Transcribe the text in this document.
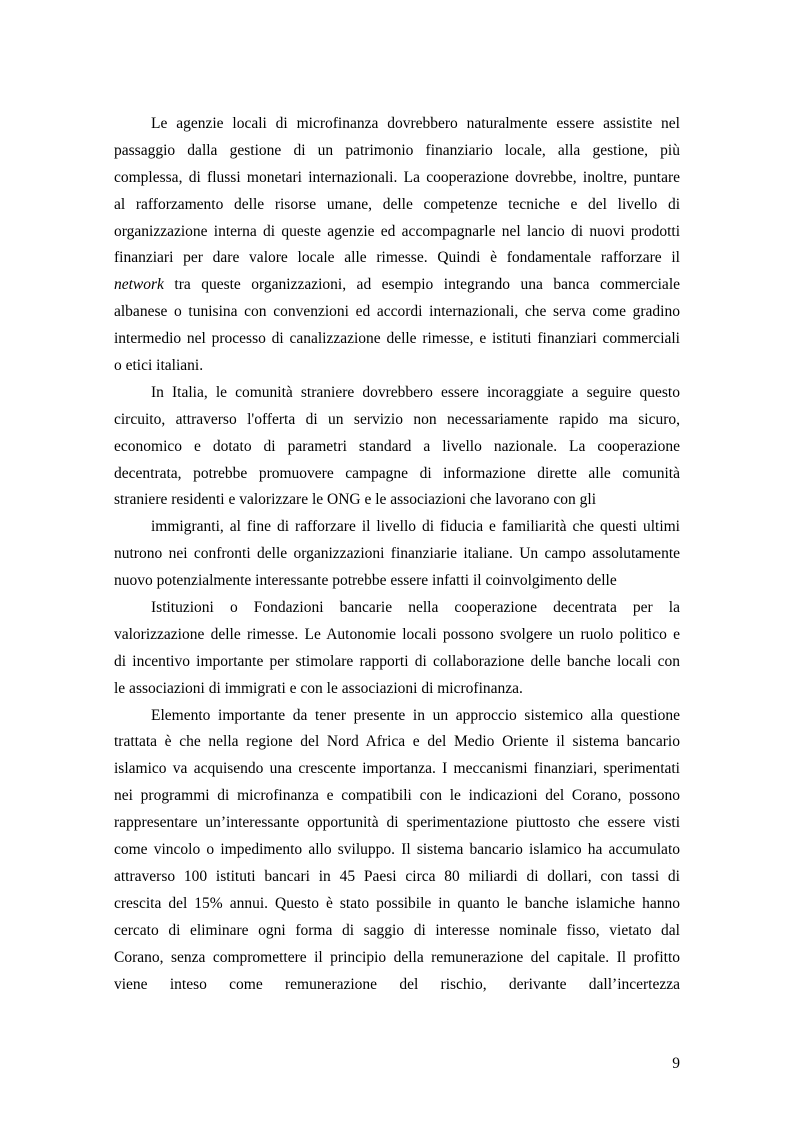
Le agenzie locali di microfinanza dovrebbero naturalmente essere assistite nel
passaggio dalla gestione di un patrimonio finanziario locale, alla gestione, più
complessa, di flussi monetari internazionali. La cooperazione dovrebbe, inoltre, puntare
al rafforzamento delle risorse umane, delle competenze tecniche e del livello di
organizzazione interna di queste agenzie ed accompagnarle nel lancio di nuovi prodotti
finanziari per dare valore locale alle rimesse. Quindi è fondamentale rafforzare il
network tra queste organizzazioni, ad esempio integrando una banca commerciale
albanese o tunisina con convenzioni ed accordi internazionali, che serva come gradino
intermedio nel processo di canalizzazione delle rimesse, e istituti finanziari commerciali
o etici italiani.
In Italia, le comunità straniere dovrebbero essere incoraggiate a seguire questo
circuito, attraverso l'offerta di un servizio non necessariamente rapido ma sicuro,
economico e dotato di parametri standard a livello nazionale. La cooperazione
decentrata, potrebbe promuovere campagne di informazione dirette alle comunità
straniere residenti e valorizzare le ONG e le associazioni che lavorano con gli
immigranti, al fine di rafforzare il livello di fiducia e familiarità che questi ultimi
nutrono nei confronti delle organizzazioni finanziarie italiane. Un campo assolutamente
nuovo potenzialmente interessante potrebbe essere infatti il coinvolgimento delle
Istituzioni o Fondazioni bancarie nella cooperazione decentrata per la
valorizzazione delle rimesse. Le Autonomie locali possono svolgere un ruolo politico e
di incentivo importante per stimolare rapporti di collaborazione delle banche locali con
le associazioni di immigrati e con le associazioni di microfinanza.
Elemento importante da tener presente in un approccio sistemico alla questione
trattata è che nella regione del Nord Africa e del Medio Oriente il sistema bancario
islamico va acquisendo una crescente importanza. I meccanismi finanziari, sperimentati
nei programmi di microfinanza e compatibili con le indicazioni del Corano, possono
rappresentare un’interessante opportunità di sperimentazione piuttosto che essere visti
come vincolo o impedimento allo sviluppo. Il sistema bancario islamico ha accumulato
attraverso 100 istituti bancari in 45 Paesi circa 80 miliardi di dollari, con tassi di
crescita del 15% annui. Questo è stato possibile in quanto le banche islamiche hanno
cercato di eliminare ogni forma di saggio di interesse nominale fisso, vietato dal
Corano, senza compromettere il principio della remunerazione del capitale. Il profitto
viene inteso come remunerazione del rischio, derivante dall’incertezza
9
